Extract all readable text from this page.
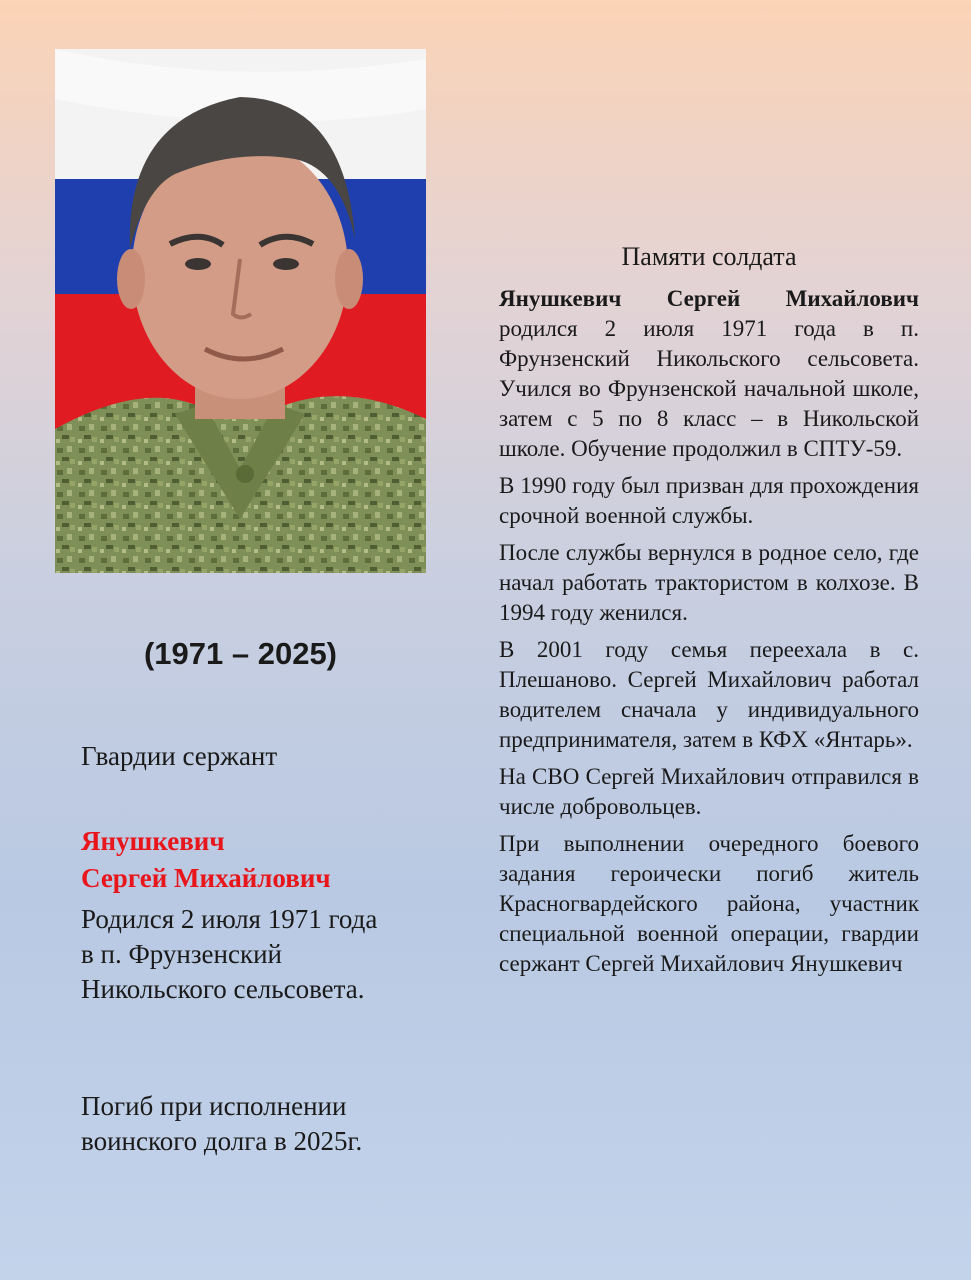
(1971 – 2025)
Гвардии сержант
Янушкевич
Сергей Михайлович
Родился 2 июля 1971 года в п. Фрунзенский Никольского сельсовета.
Погиб при исполнении воинского долга в 2025г.
Памяти солдата

Янушкевич Сергей Михайлович родился 2 июля 1971 года в п. Фрунзенский Никольского сельсовета. Учился во Фрунзенской начальной школе, затем с 5 по 8 класс – в Никольской школе. Обучение продолжил в СПТУ-59.

В 1990 году был призван для прохождения срочной военной службы.

После службы вернулся в родное село, где начал работать трактористом в колхозе. В 1994 году женился.

В 2001 году семья переехала в с. Плешаново. Сергей Михайлович работал водителем сначала у индивидуального предпринимателя, затем в КФХ «Янтарь».

На СВО Сергей Михайлович отправился в числе добровольцев.

При выполнении очередного боевого задания героически погиб житель Красногвардейского района, участник специальной военной операции, гвардии сержант Сергей Михайлович Янушкевич
